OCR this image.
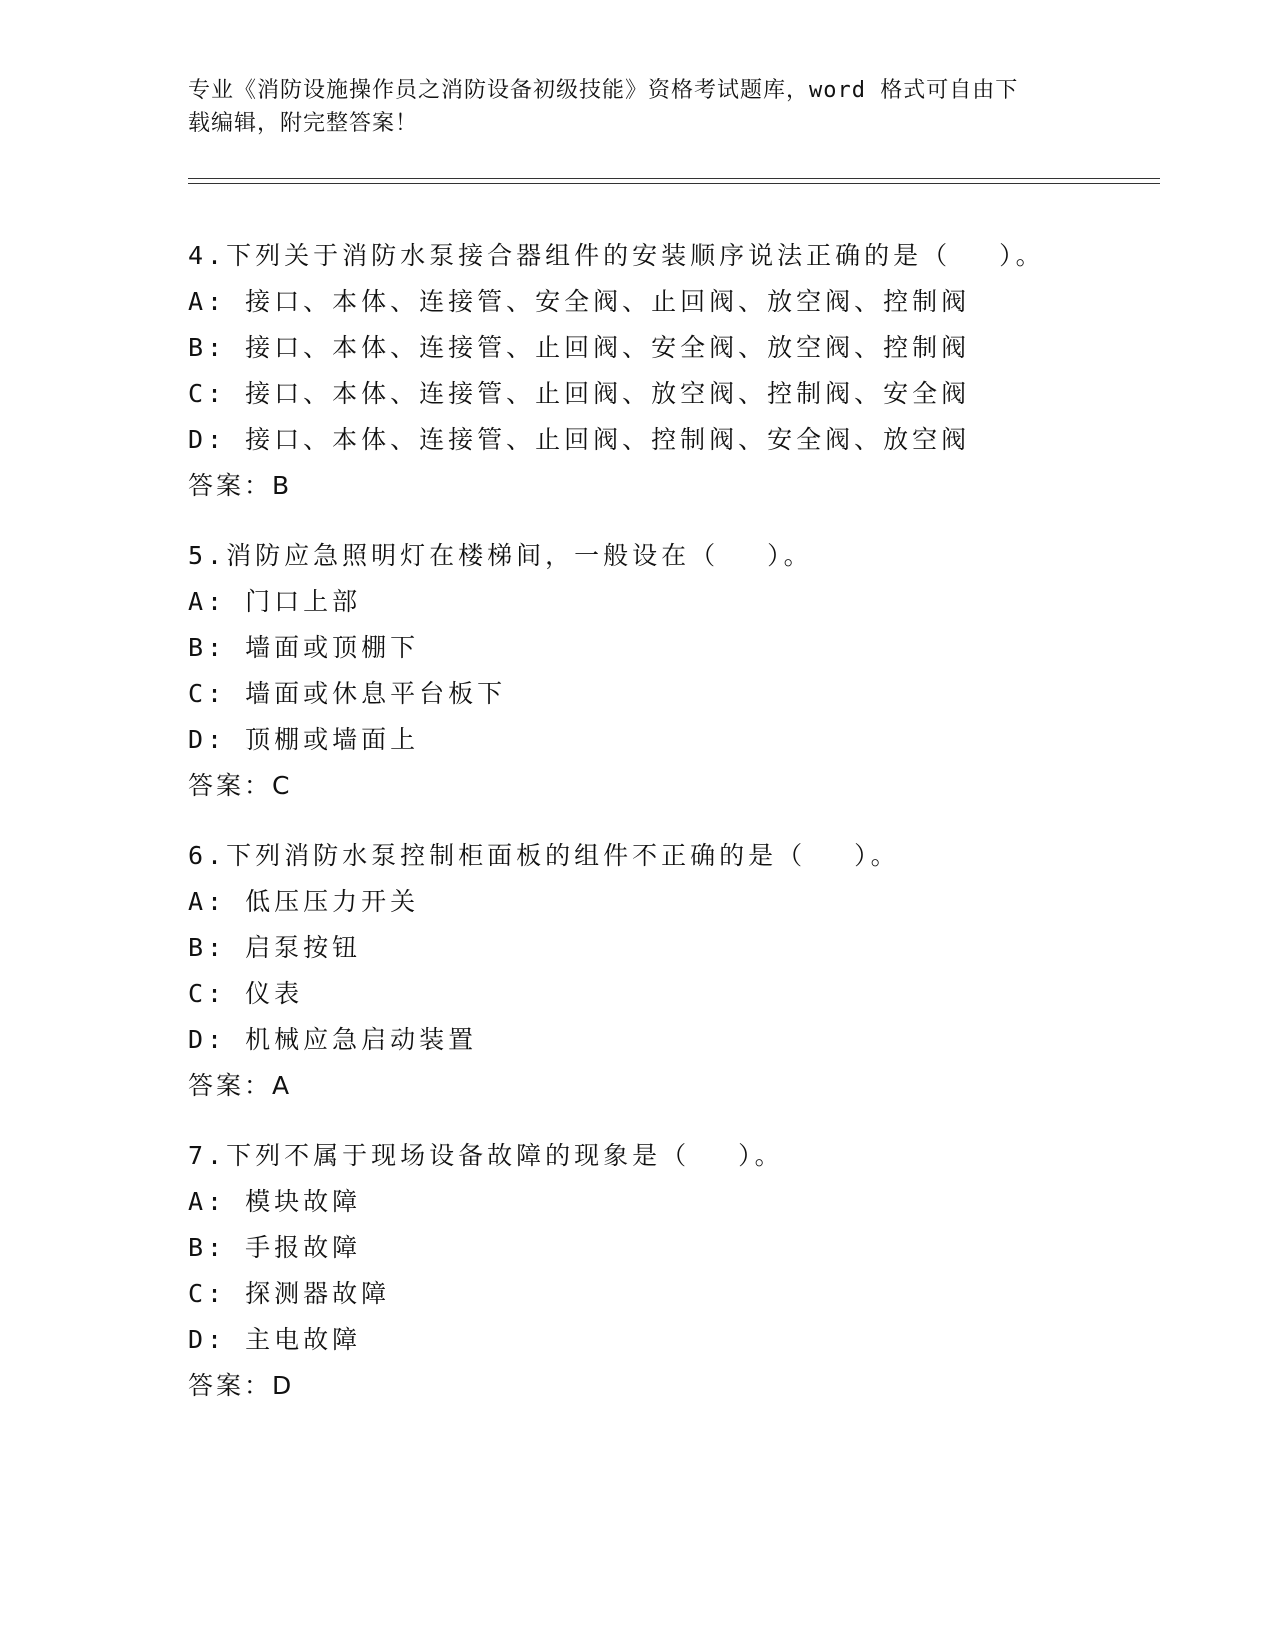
专业《消防设施操作员之消防设备初级技能》资格考试题库，word 格式可自由下
载编辑，附完整答案！

4.下列关于消防水泵接合器组件的安装顺序说法正确的是（　 ）。
A: 接口、本体、连接管、安全阀、止回阀、放空阀、控制阀
B: 接口、本体、连接管、止回阀、安全阀、放空阀、控制阀
C: 接口、本体、连接管、止回阀、放空阀、控制阀、安全阀
D: 接口、本体、连接管、止回阀、控制阀、安全阀、放空阀
答案：B
5.消防应急照明灯在楼梯间，一般设在（　 ）。
A: 门口上部
B: 墙面或顶棚下
C: 墙面或休息平台板下
D: 顶棚或墙面上
答案：C
6.下列消防水泵控制柜面板的组件不正确的是（　 ）。
A: 低压压力开关
B: 启泵按钮
C: 仪表
D: 机械应急启动装置
答案：A
7.下列不属于现场设备故障的现象是（　 ）。
A: 模块故障
B: 手报故障
C: 探测器故障
D: 主电故障
答案：D
